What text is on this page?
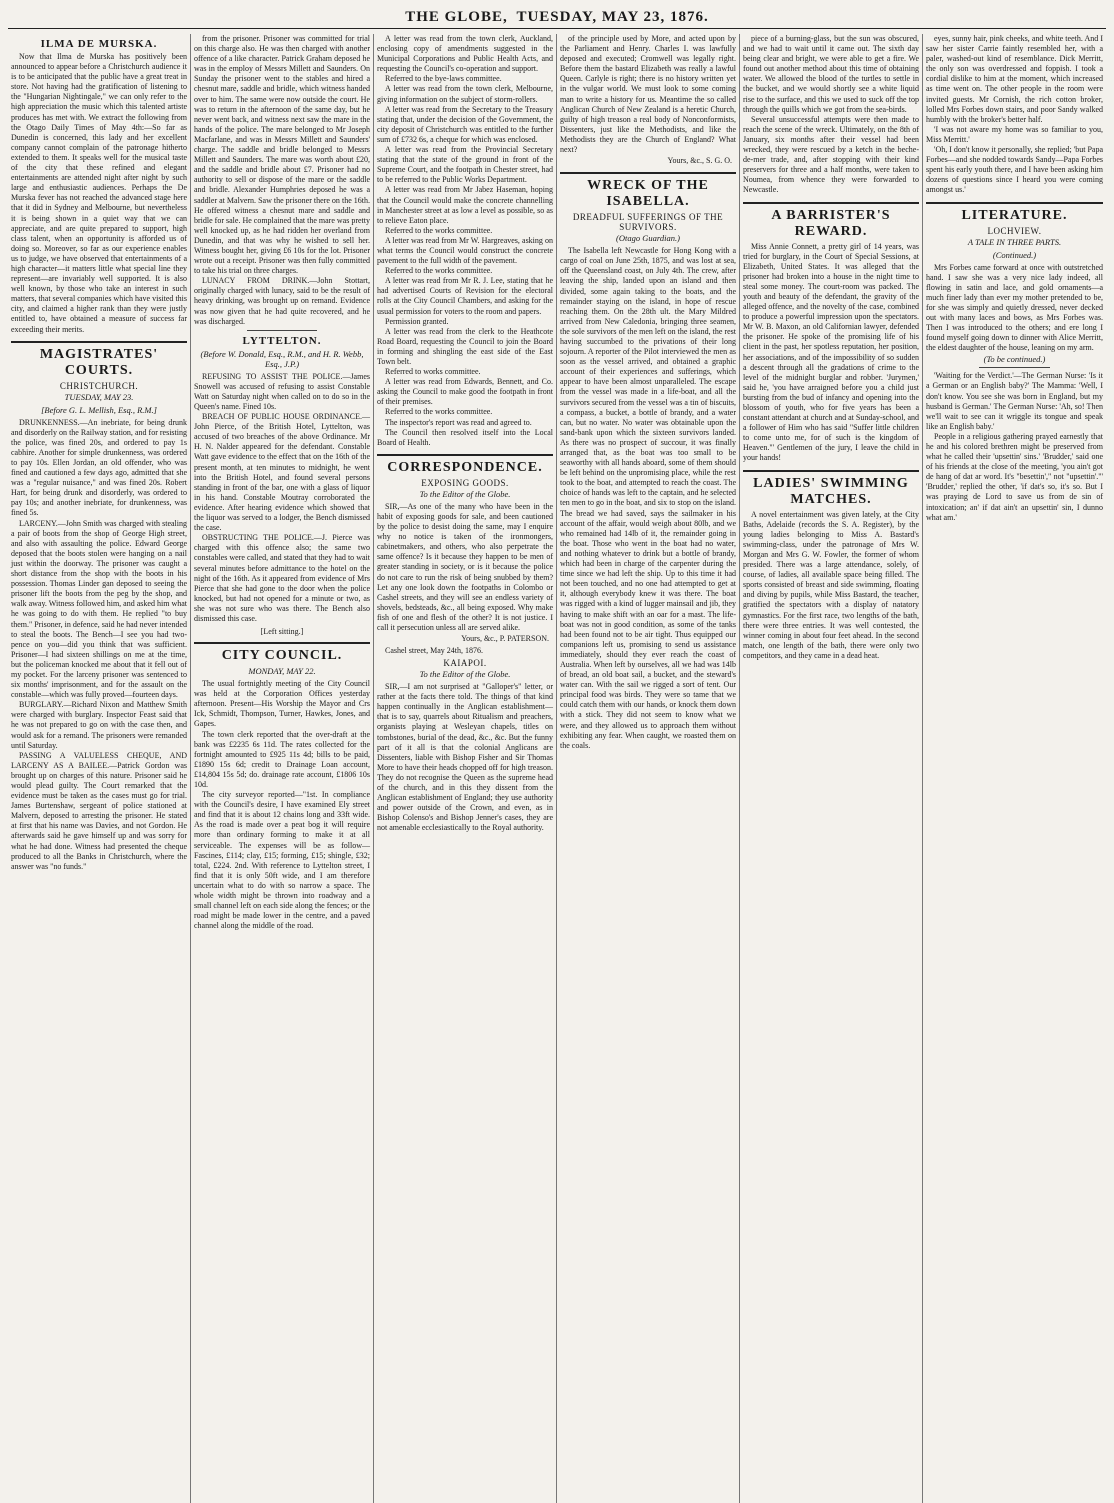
THE GLOBE,
TUESDAY, MAY 23, 1876.
ILMA DE MURSKA.

Now that Ilma de Murska has positively been announced to appear before a Christchurch audience it is to be anticipated that the public have a great treat in store. Not having had the gratification of listening to the "Hungarian Nightingale," we can only refer to the high appreciation the music which this talented artiste produces has met with. We extract the following from the Otago Daily Times of May 4th:—So far as Dunedin is concerned, this lady and her excellent company cannot complain of the patronage hitherto extended to them. It speaks well for the musical taste of the city that these refined and elegant entertainments are attended night after night by such large and enthusiastic audiences. Perhaps the De Murska fever has not reached the advanced stage here that it did in Sydney and Melbourne, but nevertheless it is being shown in a quiet way that we can appreciate, and are quite prepared to support, high class talent, when an opportunity is afforded us of doing so. Moreover, so far as our experience enables us to judge, we have observed that entertainments of a high character—it matters little what special line they represent—are invariably well supported. It is also well known, by those who take an interest in such matters, that several companies which have visited this city, and claimed a higher rank than they were justly entitled to, have obtained a measure of success far exceeding their merits.

MAGISTRATES' COURTS.
CHRISTCHURCH.
TUESDAY, MAY 23.
[Before G. L. Mellish, Esq., R.M.]

DRUNKENNESS.—An inebriate, for being drunk and disorderly on the Railway station, and for resisting the police, was fined 20s, and ordered to pay 1s cabhire. Another for simple drunkenness, was ordered to pay 10s. Ellen Jordan, an old offender, who was fined and cautioned a few days ago, admitted that she was a "regular nuisance," and was fined 20s. Robert Hart, for being drunk and disorderly, was ordered to pay 10s; and another inebriate, for drunkenness, was fined 5s.

LARCENY.—John Smith was charged with stealing a pair of boots from the shop of George High street, and also with assaulting the police. Edward George deposed that the boots stolen were hanging on a nail just within the doorway. The prisoner was caught a short distance from the shop with the boots in his possession. Thomas Linder gan deposed to seeing the prisoner lift the boots from the peg by the shop, and walk away. Witness followed him, and asked him what he was going to do with them. He replied "to buy them." Prisoner, in defence, said he had never intended to steal the boots. The Bench—I see you had two-pence on you—did you think that was sufficient. Prisoner—I had sixteen shillings on me at the time, but the policeman knocked me about that it fell out of my pocket. For the larceny prisoner was sentenced to six months' imprisonment, and for the assault on the constable—which was fully proved—fourteen days.

BURGLARY.—Richard Nixon and Matthew Smith were charged with burglary. Inspector Feast said that he was not prepared to go on with the case then, and would ask for a remand. The prisoners were remanded until Saturday.

PASSING A VALUELESS CHEQUE, AND LARCENY AS A BAILEE.—Patrick Gordon was brought up on charges of this nature. Prisoner said he would plead guilty. The Court remarked that the evidence must be taken as the cases must go for trial. James Burtenshaw, sergeant of police stationed at Malvern, deposed to arresting the prisoner. He stated at first that his name was Davies, and not Gordon. He afterwards said he gave himself up and was sorry for what he had done. Witness had presented the cheque produced to all the Banks in Christchurch, where the answer was "no funds."

from the prisoner. Prisoner was committed for trial on this charge also. He was then charged with another offence of a like character. Patrick Graham deposed he was in the employ of Messrs Millett and Saunders. On Sunday the prisoner went to the stables and hired a chesnut mare, saddle and bridle, which witness handed over to him. The same were now outside the court. He was to return in the afternoon of the same day, but he never went back, and witness next saw the mare in the hands of the police. The mare belonged to Mr Joseph Macfarlane, and was in Messrs Millett and Saunders' charge. The saddle and bridle belonged to Messrs Millett and Saunders. The mare was worth about £20, and the saddle and bridle about £7. Prisoner had no authority to sell or dispose of the mare or the saddle and bridle. Alexander Humphries deposed he was a saddler at Malvern. Saw the prisoner there on the 16th. He offered witness a chesnut mare and saddle and bridle for sale. He complained that the mare was pretty well knocked up, as he had ridden her overland from Dunedin, and that was why he wished to sell her. Witness bought her, giving £6 10s for the lot. Prisoner wrote out a receipt. Prisoner was then fully committed to take his trial on three charges.

LUNACY FROM DRINK.—John Stottart, originally charged with lunacy, said to be the result of heavy drinking, was brought up on remand. Evidence was now given that he had quite recovered, and he was discharged.

LYTTELTON.
(Before W. Donald, Esq., R.M., and H. R. Webb, Esq., J.P.)

REFUSING TO ASSIST THE POLICE.—James Snowell was accused of refusing to assist Constable Watt on Saturday night when called on to do so in the Queen's name. Fined 10s.

BREACH OF PUBLIC HOUSE ORDINANCE.—John Pierce, of the British Hotel, Lyttelton, was accused of two breaches of the above Ordinance. Mr H. N. Nalder appeared for the defendant. Constable Watt gave evidence to the effect that on the 16th of the present month, at ten minutes to midnight, he went into the British Hotel, and found several persons standing in front of the bar, one with a glass of liquor in his hand. Constable Moutray corroborated the evidence. After hearing evidence which showed that the liquor was served to a lodger, the Bench dismissed the case.

OBSTRUCTING THE POLICE.—J. Pierce was charged with this offence also; the same two constables were called, and stated that they had to wait several minutes before admittance to the hotel on the night of the 16th. As it appeared from evidence of Mrs Pierce that she had gone to the door when the police knocked, but had not opened for a minute or two, as she was not sure who was there. The Bench also dismissed this case.

[Left sitting.]
CITY COUNCIL.
MONDAY, MAY 22.

The usual fortnightly meeting of the City Council was held at the Corporation Offices yesterday afternoon. Present—His Worship the Mayor and Crs Ick, Schmidt, Thompson, Turner, Hawkes, Jones, and Gapes.

The town clerk reported that the over-draft at the bank was £2235 6s 11d. The rates collected for the fortnight amounted to £925 11s 4d; bills to be paid, £1890 15s 6d; credit to Drainage Loan account, £14,804 15s 5d; do. drainage rate account, £1806 10s 10d.

The city surveyor reported—"1st. In compliance with the Council's desire, I have examined Ely street and find that it is about 12 chains long and 33ft wide. As the road is made over a peat bog it will require more than ordinary forming to make it at all serviceable. The expenses will be as follow—Fascines, £114; clay, £15; forming, £15; shingle, £32; total, £224. 2nd. With reference to Lyttelton street, I find that it is only 50ft wide, and I am therefore uncertain what to do with so narrow a space. The whole width might be thrown into roadway and a small channel left on each side along the fences; or the road might be made lower in the centre, and a paved channel along the middle of the road.

A letter was read from the town clerk, Auckland, enclosing copy of amendments suggested in the Municipal Corporations and Public Health Acts, and requesting the Council's co-operation and support.

Referred to the bye-laws committee.

A letter was read from the town clerk, Melbourne, giving information on the subject of storm-rollers.

A letter was read from the Secretary to the Treasury stating that, under the decision of the Government, the city deposit of Christchurch was entitled to the further sum of £732 6s, a cheque for which was enclosed.

A letter was read from the Provincial Secretary stating that the state of the ground in front of the Supreme Court, and the footpath in Chester street, had to be referred to the Public Works Department.

A letter was read from Mr Jabez Haseman, hoping that the Council would make the concrete channelling in Manchester street at as low a level as possible, so as to relieve Eaton place.

Referred to the works committee.

A letter was read from Mr W. Hargreaves, asking on what terms the Council would construct the concrete pavement to the full width of the pavement.

Referred to the works committee.

A letter was read from Mr R. J. Lee, stating that he had advertised Courts of Revision for the electoral rolls at the City Council Chambers, and asking for the usual permission for voters to the room and papers.

Permission granted.

A letter was read from the clerk to the Heathcote Road Board, requesting the Council to join the Board in forming and shingling the east side of the East Town belt.

Referred to works committee.

A letter was read from Edwards, Bennett, and Co. asking the Council to make good the footpath in front of their premises.

Referred to the works committee.

The inspector's report was read and agreed to.

The Council then resolved itself into the Local Board of Health.

CORRESPONDENCE.
EXPOSING GOODS.
To the Editor of the Globe.

SIR,—As one of the many who have been in the habit of exposing goods for sale, and been cautioned by the police to desist doing the same, may I enquire why no notice is taken of the ironmongers, cabinetmakers, and others, who also perpetrate the same offence? Is it because they happen to be men of greater standing in society, or is it because the police do not care to run the risk of being snubbed by them? Let any one look down the footpaths in Colombo or Cashel streets, and they will see an endless variety of shovels, bedsteads, &c., all being exposed. Why make fish of one and flesh of the other? It is not justice. I call it persecution unless all are served alike.

Yours, &c., P. PATERSON.
Cashel street, May 24th, 1876.
KAIAPOI.
To the Editor of the Globe.

SIR,—I am not surprised at "Galloper's" letter, or rather at the facts there told. The things of that kind happen continually in the Anglican establishment—that is to say, quarrels about Ritualism and preachers, organists playing at Wesleyan chapels, titles on tombstones, burial of the dead, &c., &c. But the funny part of it all is that the colonial Anglicans are Dissenters, liable with Bishop Fisher and Sir Thomas More to have their heads chopped off for high treason. They do not recognise the Queen as the supreme head of the church, and in this they dissent from the Anglican establishment of England; they use authority and power outside of the Crown, and even, as in Bishop Colenso's and Bishop Jenner's cases, they are not amenable ecclesiastically to the Royal authority.

of the principle used by More, and acted upon by the Parliament and Henry. Charles I. was lawfully deposed and executed; Cromwell was legally right. Before them the bastard Elizabeth was really a lawful Queen. Carlyle is right; there is no history written yet in the vulgar world. We must look to some coming man to write a history for us. Meantime the so called Anglican Church of New Zealand is a heretic Church, guilty of high treason a real body of Nonconformists, Dissenters, just like the Methodists, and like the Methodists they are the Church of England? What next?

Yours, &c., S. G. O.
WRECK OF THE ISABELLA.
DREADFUL SUFFERINGS OF THE SURVIVORS.
(Otago Guardian.)

The Isabella left Newcastle for Hong Kong with a cargo of coal on June 25th, 1875, and was lost at sea, off the Queensland coast, on July 4th. The crew, after leaving the ship, landed upon an island and then divided, some again taking to the boats, and the remainder staying on the island, in hope of rescue reaching them. On the 28th ult. the Mary Mildred arrived from New Caledonia, bringing three seamen, the sole survivors of the men left on the island, the rest having succumbed to the privations of their long sojourn. A reporter of the Pilot interviewed the men as soon as the vessel arrived, and obtained a graphic account of their experiences and sufferings, which appear to have been almost unparalleled. The escape from the vessel was made in a life-boat, and all the survivors secured from the vessel was a tin of biscuits, a compass, a bucket, a bottle of brandy, and a water can, but no water. No water was obtainable upon the sand-bank upon which the sixteen survivors landed. As there was no prospect of succour, it was finally arranged that, as the boat was too small to be seaworthy with all hands aboard, some of them should be left behind on the unpromising place, while the rest took to the boat, and attempted to reach the coast. The choice of hands was left to the captain, and he selected ten men to go in the boat, and six to stop on the island. The bread we had saved, says the sailmaker in his account of the affair, would weigh about 80lb, and we who remained had 14lb of it, the remainder going in the boat. Those who went in the boat had no water, and nothing whatever to drink but a bottle of brandy, which had been in charge of the carpenter during the time since we had left the ship. Up to this time it had not been touched, and no one had attempted to get at it, although everybody knew it was there. The boat was rigged with a kind of lugger mainsail and jib, they having to make shift with an oar for a mast. The life-boat was not in good condition, as some of the tanks had been found not to be air tight. Thus equipped our companions left us, promising to send us assistance immediately, should they ever reach the coast of Australia. When left by ourselves, all we had was 14lb of bread, an old boat sail, a bucket, and the steward's water can. With the sail we rigged a sort of tent. Our principal food was birds. They were so tame that we could catch them with our hands, or knock them down with a stick. They did not seem to know what we were, and they allowed us to approach them without exhibiting any fear. When caught, we roasted them on the coals.

piece of a burning-glass, but the sun was obscured, and we had to wait until it came out. The sixth day being clear and bright, we were able to get a fire. We found out another method about this time of obtaining water. We allowed the blood of the turtles to settle in the bucket, and we would shortly see a white liquid rise to the surface, and this we used to suck off the top through the quills which we got from the sea-birds.

Several unsuccessful attempts were then made to reach the scene of the wreck. Ultimately, on the 8th of January, six months after their vessel had been wrecked, they were rescued by a ketch in the beche-de-mer trade, and, after stopping with their kind preservers for three and a half months, were taken to Noumea, from whence they were forwarded to Newcastle.

A BARRISTER'S REWARD.

Miss Annie Connett, a pretty girl of 14 years, was tried for burglary, in the Court of Special Sessions, at Elizabeth, United States. It was alleged that the prisoner had broken into a house in the night time to steal some money. The court-room was packed. The youth and beauty of the defendant, the gravity of the alleged offence, and the novelty of the case, combined to produce a powerful impression upon the spectators. Mr W. B. Maxon, an old Californian lawyer, defended the prisoner. He spoke of the promising life of his client in the past, her spotless reputation, her position, her associations, and of the impossibility of so sudden a descent through all the gradations of crime to the level of the midnight burglar and robber. 'Jurymen,' said he, 'you have arraigned before you a child just bursting from the bud of infancy and opening into the blossom of youth, who for five years has been a constant attendant at church and at Sunday-school, and a follower of Him who has said "Suffer little children to come unto me, for of such is the kingdom of Heaven."' Gentlemen of the jury, I leave the child in your hands!

LADIES' SWIMMING MATCHES.

A novel entertainment was given lately, at the City Baths, Adelaide (records the S. A. Register), by the young ladies belonging to Miss A. Bastard's swimming-class, under the patronage of Mrs W. Morgan and Mrs G. W. Fowler, the former of whom presided. There was a large attendance, solely, of course, of ladies, all available space being filled. The sports consisted of breast and side swimming, floating and diving by pupils, while Miss Bastard, the teacher, gratified the spectators with a display of natatory gymnastics. For the first race, two lengths of the bath, there were three entries. It was well contested, the winner coming in about four feet ahead. In the second match, one length of the bath, there were only two competitors, and they came in a dead heat.

eyes, sunny hair, pink cheeks, and white teeth. And I saw her sister Carrie faintly resembled her, with a paler, washed-out kind of resemblance. Dick Merritt, the only son was overdressed and foppish. I took a cordial dislike to him at the moment, which increased as time went on. The other people in the room were invited guests. Mr Cornish, the rich cotton broker, lolled Mrs Forbes down stairs, and poor Sandy walked humbly with the broker's better half.

'I was not aware my home was so familiar to you, Miss Merritt.'

'Oh, I don't know it personally, she replied; 'but Papa Forbes—and she nodded towards Sandy—Papa Forbes spent his early youth there, and I have been asking him dozens of questions since I heard you were coming amongst us.'

LITERATURE.
LOCHVIEW.
A TALE IN THREE PARTS.
(Continued.)

Mrs Forbes came forward at once with outstretched hand. I saw she was a very nice lady indeed, all flowing in satin and lace, and gold ornaments—a much finer lady than ever my mother pretended to be, for she was simply and quietly dressed, never decked out with many laces and bows, as Mrs Forbes was. Then I was introduced to the others; and ere long I found myself going down to dinner with Alice Merritt, the eldest daughter of the house, leaning on my arm.

(To be continued.)

'Waiting for the Verdict.'—The German Nurse: 'Is it a German or an English baby?' The Mamma: 'Well, I don't know. You see she was born in England, but my husband is German.' The German Nurse: 'Ah, so! Then we'll wait to see can it wriggle its tongue and speak like an English baby.'

People in a religious gathering prayed earnestly that he and his colored brethren might be preserved from what he called their 'upsettin' sins.' 'Brudder,' said one of his friends at the close of the meeting, 'you ain't got de hang of dat ar word. It's "besettin'," not "upsettin'."' 'Brudder,' replied the other, 'if dat's so, it's so. But I was praying de Lord to save us from de sin of intoxication; an' if dat ain't an upsettin' sin, I dunno what am.'
